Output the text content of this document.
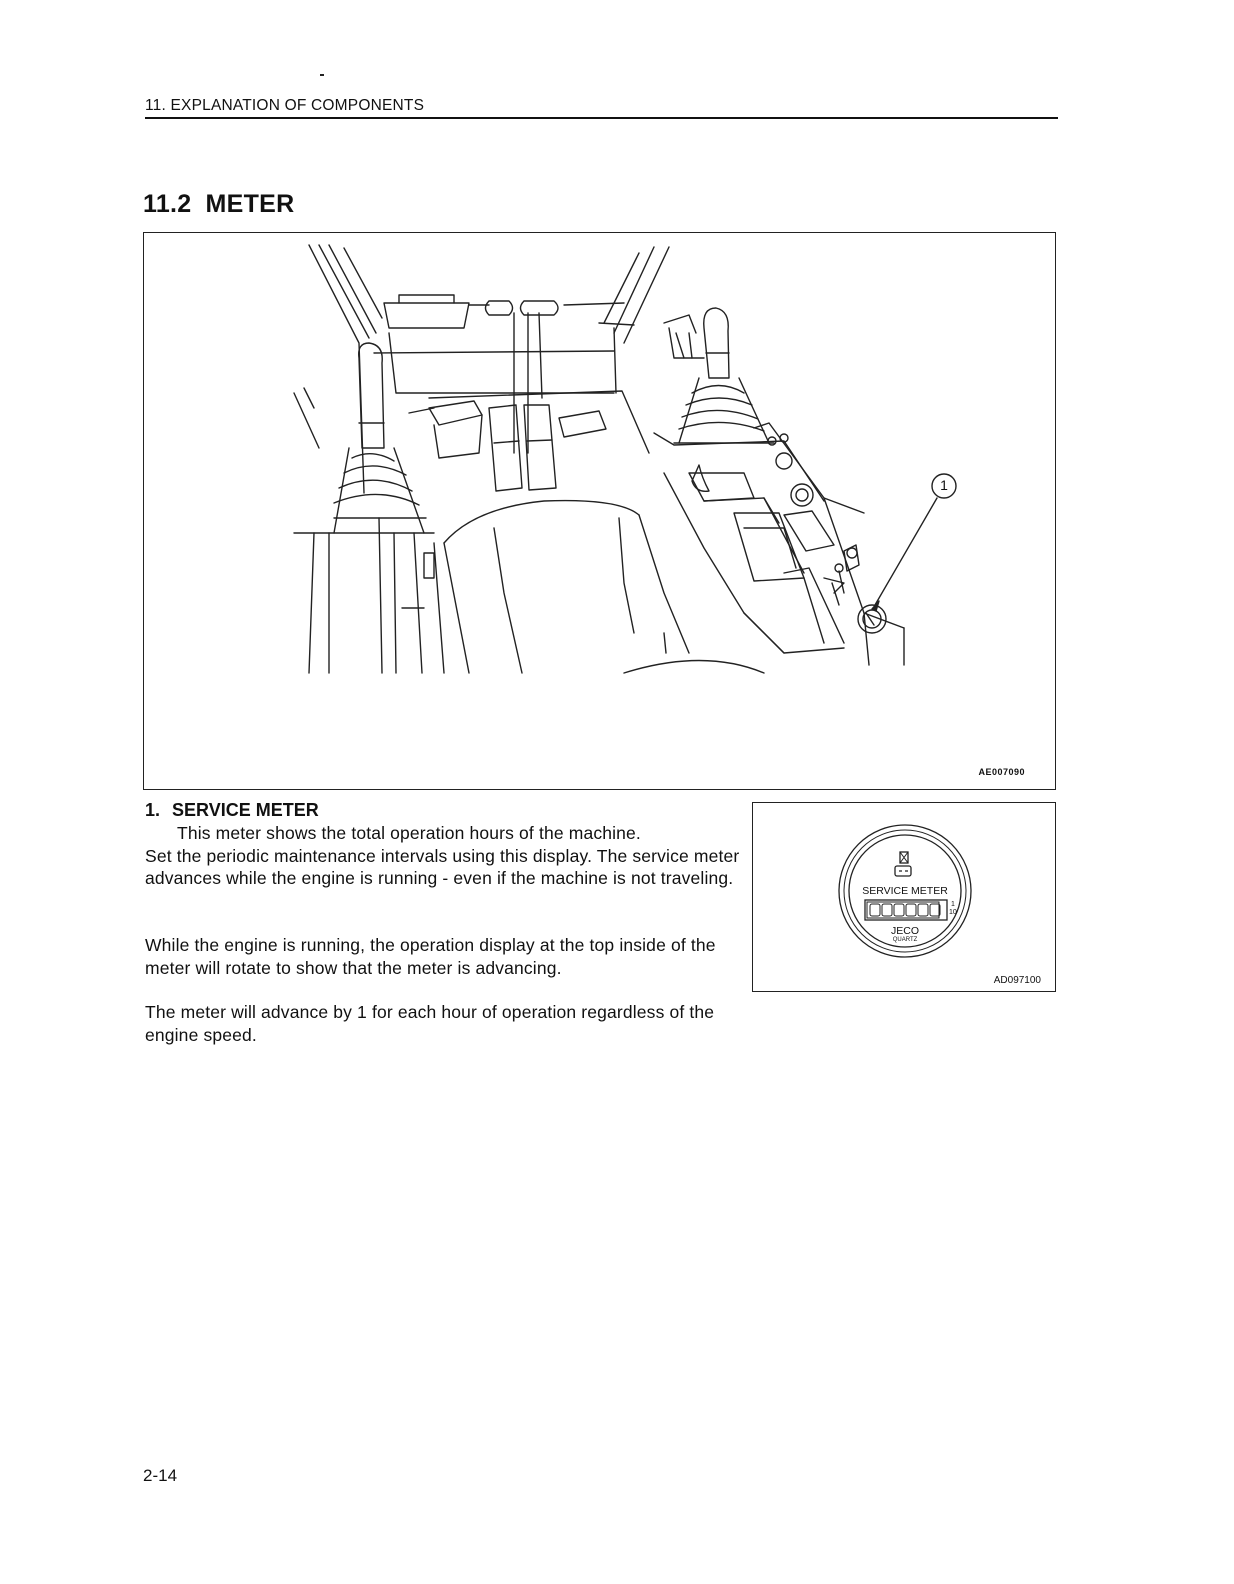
11. EXPLANATION OF COMPONENTS
11.2 METER
1
AE007090
1. SERVICE METER
This meter shows the total operation hours of the machine.
Set the periodic maintenance intervals using this display. The service meter advances while the engine is running - even if the machine is not traveling.
While the engine is running, the operation display at the top inside of the meter will rotate to show that the meter is advancing.
The meter will advance by 1 for each hour of operation regardless of the engine speed.
SERVICE METER
1
10
JECO
QUARTZ
AD097100
2-14
